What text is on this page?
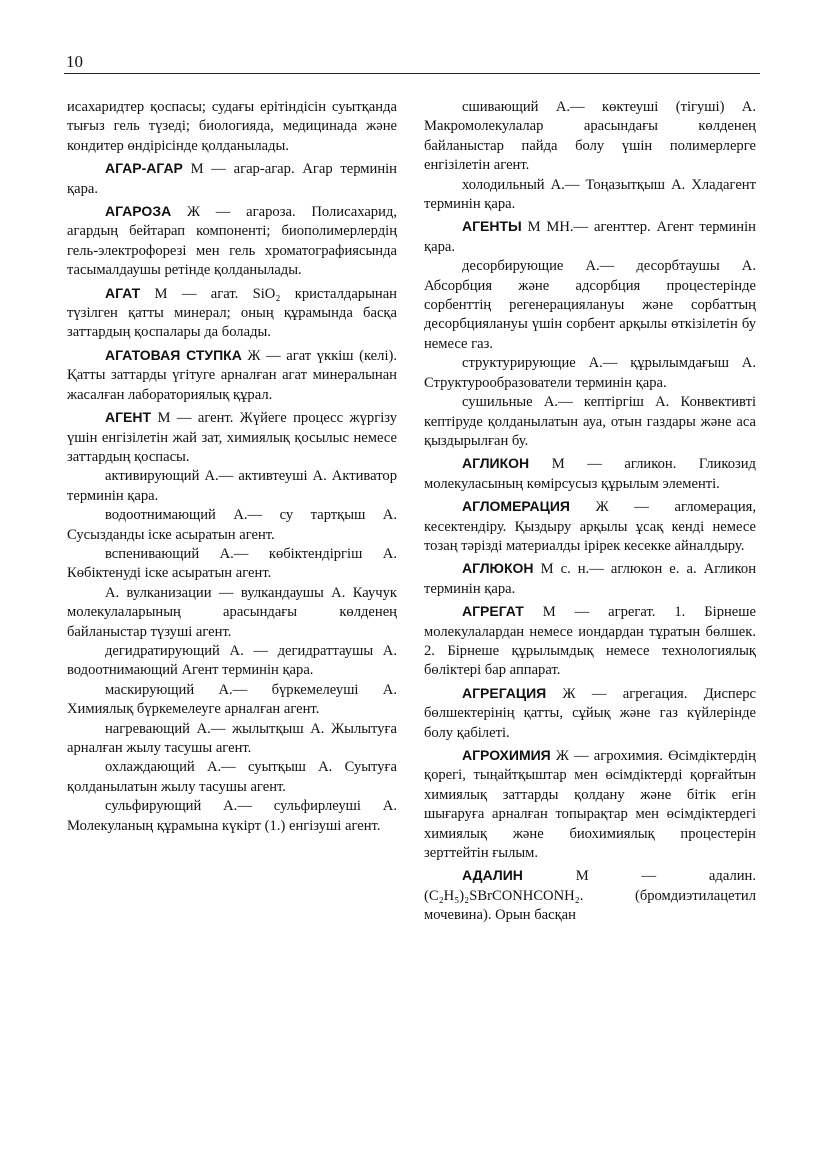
10

исахаридтер қоспасы; судағы ерітіндісін суытқанда тығыз гель түзеді; биологияда, медицинада және кондитер өндірісінде қолданылады.

АГАР-АГАР М — агар-агар. Агар терминін қара.

АГАРОЗА Ж — агароза. Полисахарид, агардың бейтарап компоненті; биополимерлердің гель-электрофорезі мен гель хроматографиясында тасымалдаушы ретінде қолданылады.

АГАТ М — агат. SiO₂ кристалдарынан түзілген қатты минерал; оның құрамында басқа заттардың қоспалары да болады.

АГАТОВАЯ СТУПКА Ж — агат үккіш (келі). Қатты заттарды үгітуге арналған агат минералынан жасалған лабораториялық құрал.

АГЕНТ М — агент. Жүйеге процесс жүргізу үшін енгізілетін жай зат, химиялық қосылыс немесе заттардың қоспасы.

активирующий А.— активтеуші А. Активатор терминін қара.

водоотнимающий А.— су тартқыш А. Сусызданды іске асыратын агент.

вспенивающий А.— көбіктендіргіш А. Көбіктенуді іске асыратын агент.

А. вулканизации — вулкандаушы А. Каучук молекулаларының арасындағы көлденең байланыстар түзуші агент.

дегидратирующий А. — дегидраттаушы А. водоотнимающий Агент терминін қара.

маскирующий А.— бүркемелеуші А. Химиялық бүркемелеуге арналған агент.

нагревающий А.— жылытқыш А. Жылытуға арналған жылу тасушы агент.

охлаждающий А.— суытқыш А. Суытуға қолданылатын жылу тасушы агент.

сульфирующий А.— сульфирлеуші А. Молекуланың құрамына күкірт (1.) енгізуші агент.

сшивающий А.— көктеуші (тігуші) А. Макромолекулалар арасындағы көлденең байланыстар пайда болу үшін полимерлерге енгізілетін агент.

холодильный А.— Тоңазытқыш А. Хладагент терминін қара.

АГЕНТЫ М МН.— агенттер. Агент терминін қара.

десорбирующие А.— десорбтаушы А. Абсорбция және адсорбция процестерінде сорбенттің регенерациялануы және сорбаттың десорбциялануы үшін сорбент арқылы өткізілетін бу немесе газ.

структурирующие А.— құрылымдағыш А. Структурообразователи терминін қара.

сушильные А.— кептіргіш А. Конвективті кептіруде қолданылатын ауа, отын газдары және аса қыздырылған бу.

АГЛИКОН М — агликон. Гликозид молекуласының көмірсусыз құрылым элементі.

АГЛОМЕРАЦИЯ Ж — агломерация, кесектендіру. Қыздыру арқылы ұсақ кенді немесе тозаң тәрізді материалды ірірек кесекке айналдыру.

АГЛЮКОН М с. н.— аглюкон е. а. Агликон терминін қара.

АГРЕГАТ М — агрегат. 1. Бірнеше молекулалардан немесе иондардан тұратын бөлшек. 2. Бірнеше құрылымдық немесе технологиялық бөліктері бар аппарат.

АГРЕГАЦИЯ Ж — агрегация. Дисперс бөлшектерінің қатты, сұйық және газ күйлерінде болу қабілеті.

АГРОХИМИЯ Ж — агрохимия. Өсімдіктердің қорегі, тыңайтқыштар мен өсімдіктерді қорғайтын химиялық заттарды қолдану және бітік егін шығаруға арналған топырақтар мен өсімдіктердегі химиялық және биохимиялық процестерін зерттейтін ғылым.

АДАЛИН М — адалин. (C₂H₅)₂SBrCONHCONH₂. (бромдиэтилацетил мочевина). Орын басқан
